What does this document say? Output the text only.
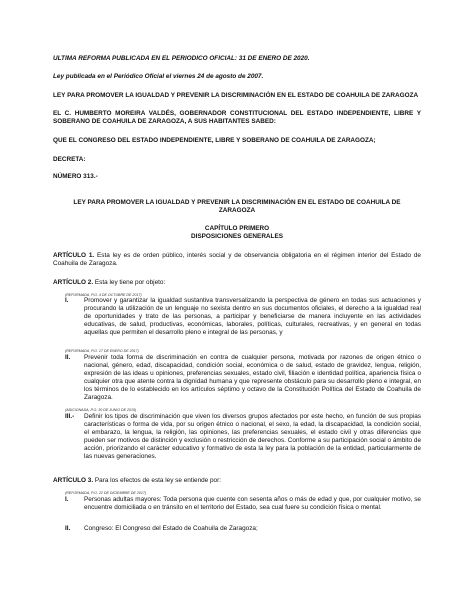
ULTIMA REFORMA PUBLICADA EN EL PERIODICO OFICIAL: 31 DE ENERO DE 2020.

Ley publicada en el Periódico Oficial el viernes 24 de agosto de 2007.

LEY PARA PROMOVER LA IGUALDAD Y PREVENIR LA DISCRIMINACIÓN EN EL ESTADO DE COAHUILA DE ZARAGOZA

EL C. HUMBERTO MOREIRA VALDÉS, GOBERNADOR CONSTITUCIONAL DEL ESTADO INDEPENDIENTE, LIBRE Y SOBERANO DE COAHUILA DE ZARAGOZA, A SUS HABITANTES SABED:

QUE EL CONGRESO DEL ESTADO INDEPENDIENTE, LIBRE Y SOBERANO DE COAHUILA DE ZARAGOZA;

DECRETA:

NÚMERO 313.-

LEY PARA PROMOVER LA IGUALDAD Y PREVENIR LA DISCRIMINACIÓN EN EL ESTADO DE COAHUILA DE

ZARAGOZA

CAPÍTULO PRIMERO

DISPOSICIONES GENERALES

ARTÍCULO 1. Esta ley es de orden público, interés social y de observancia obligatoria en el régimen interior del Estado de Coahuila de Zaragoza.

ARTÍCULO 2. Esta ley tiene por objeto:

(REFORMADA, P.O. 4 DE OCTUBRE DE 2017)

I. Promover y garantizar la igualdad sustantiva transversalizando la perspectiva de género en todas sus actuaciones y procurando la utilización de un lenguaje no sexista dentro en sus documentos oficiales, el derecho a la igualdad real de oportunidades y trato de las personas, a participar y beneficiarse de manera incluyente en las actividades educativas, de salud, productivas, económicas, laborales, políticas, culturales, recreativas, y en general en todas aquellas que permiten el desarrollo pleno e integral de las personas, y

(REFORMADA, P.O. 17 DE ENERO DE 2017)

II. Prevenir toda forma de discriminación en contra de cualquier persona, motivada por razones de origen étnico o nacional, género, edad, discapacidad, condición social, económica o de salud, estado de gravidez, lengua, religión, expresión de las ideas u opiniones, preferencias sexuales, estado civil, filiación e identidad política, apariencia física o cualquier otra que atente contra la dignidad humana y que represente obstáculo para su desarrollo pleno e integral, en los términos de lo establecido en los artículos séptimo y octavo de la Constitución Política del Estado de Coahuila de Zaragoza.

(ADICIONADA, P.O. 30 DE JUNIO DE 2015)

III.- Definir los tipos de discriminación que viven los diversos grupos afectados por este hecho, en función de sus propias características o forma de vida, por su origen étnico o nacional, el sexo, la edad, la discapacidad, la condición social, el embarazo, la lengua, la religión, las opiniones, las preferencias sexuales, el estado civil y otras diferencias que pueden ser motivos de distinción y exclusión o restricción de derechos. Conforme a su participación social o ámbito de acción, priorizando el carácter educativo y formativo de esta la ley para la población de la entidad, particularmente de las nuevas generaciones.

ARTÍCULO 3. Para los efectos de esta ley se entiende por:

(REFORMADA, P.O. 22 DE DICIEMBRE DE 2017)

I. Personas adultas mayores: Toda persona que cuente con sesenta años o más de edad y que, por cualquier motivo, se encuentre domiciliada o en tránsito en el territorio del Estado, sea cual fuere su condición física o mental.
II. Congreso: El Congreso del Estado de Coahuila de Zaragoza;
